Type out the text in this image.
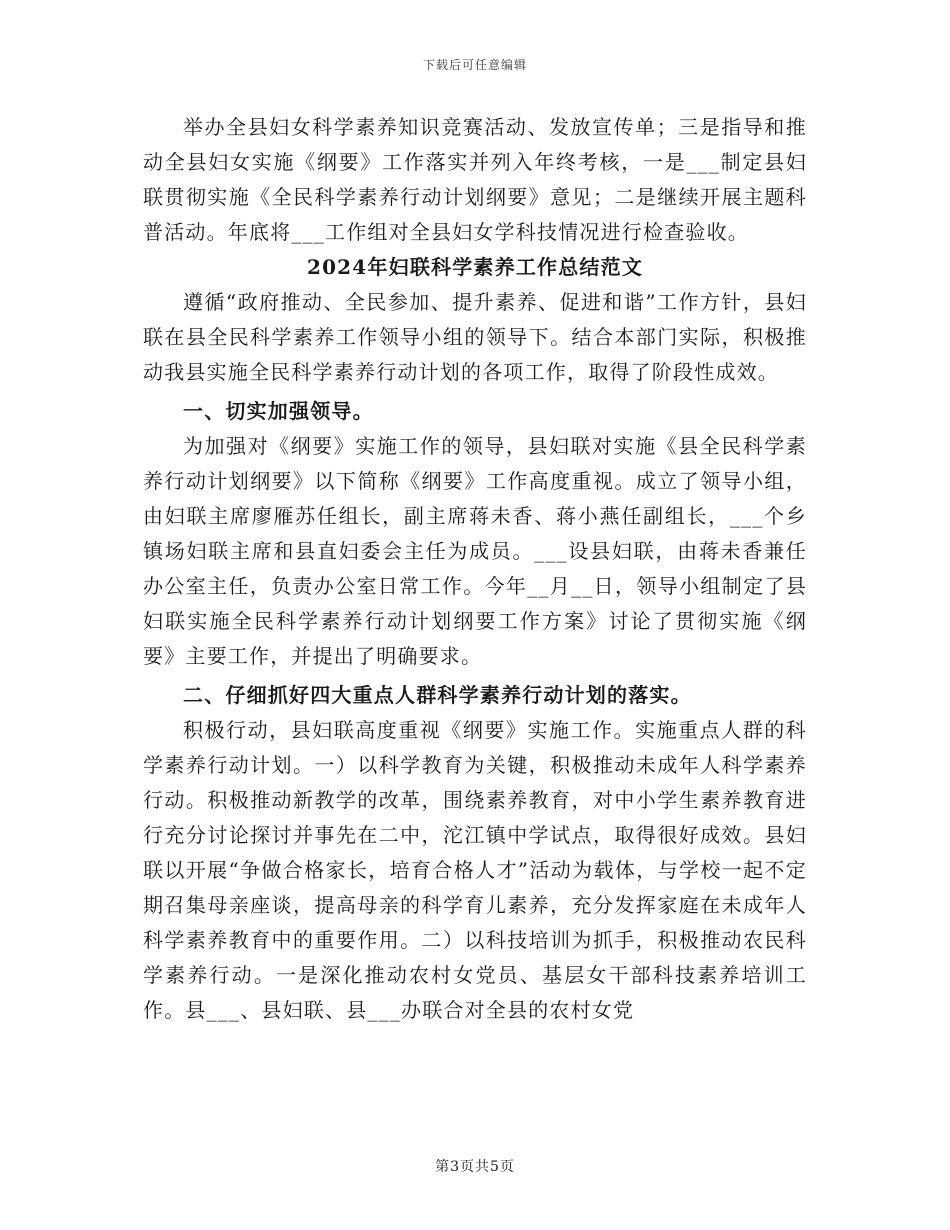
下载后可任意编辑

举办全县妇女科学素养知识竞赛活动、发放宣传单；三是指导和推动全县妇女实施《纲要》工作落实并列入年终考核，一是___制定县妇联贯彻实施《全民科学素养行动计划纲要》意见；二是继续开展主题科普活动。年底将___工作组对全县妇女学科技情况进行检查验收。

2024年妇联科学素养工作总结范文

遵循“政府推动、全民参加、提升素养、促进和谐”工作方针，县妇联在县全民科学素养工作领导小组的领导下。结合本部门实际，积极推动我县实施全民科学素养行动计划的各项工作，取得了阶段性成效。

一、切实加强领导。

为加强对《纲要》实施工作的领导，县妇联对实施《县全民科学素养行动计划纲要》以下简称《纲要》工作高度重视。成立了领导小组，由妇联主席廖雁苏任组长，副主席蒋未香、蒋小燕任副组长，___个乡镇场妇联主席和县直妇委会主任为成员。___设县妇联，由蒋未香兼任办公室主任，负责办公室日常工作。今年__月__日，领导小组制定了县妇联实施全民科学素养行动计划纲要工作方案》讨论了贯彻实施《纲要》主要工作，并提出了明确要求。

二、仔细抓好四大重点人群科学素养行动计划的落实。

积极行动，县妇联高度重视《纲要》实施工作。实施重点人群的科学素养行动计划。一）以科学教育为关键，积极推动未成年人科学素养行动。积极推动新教学的改革，围绕素养教育，对中小学生素养教育进行充分讨论探讨并事先在二中，沱江镇中学试点，取得很好成效。县妇联以开展“争做合格家长，培育合格人才”活动为载体，与学校一起不定期召集母亲座谈，提高母亲的科学育儿素养，充分发挥家庭在未成年人科学素养教育中的重要作用。二）以科技培训为抓手，积极推动农民科学素养行动。一是深化推动农村女党员、基层女干部科技素养培训工作。县___、县妇联、县___办联合对全县的农村女党

第3页共5页
